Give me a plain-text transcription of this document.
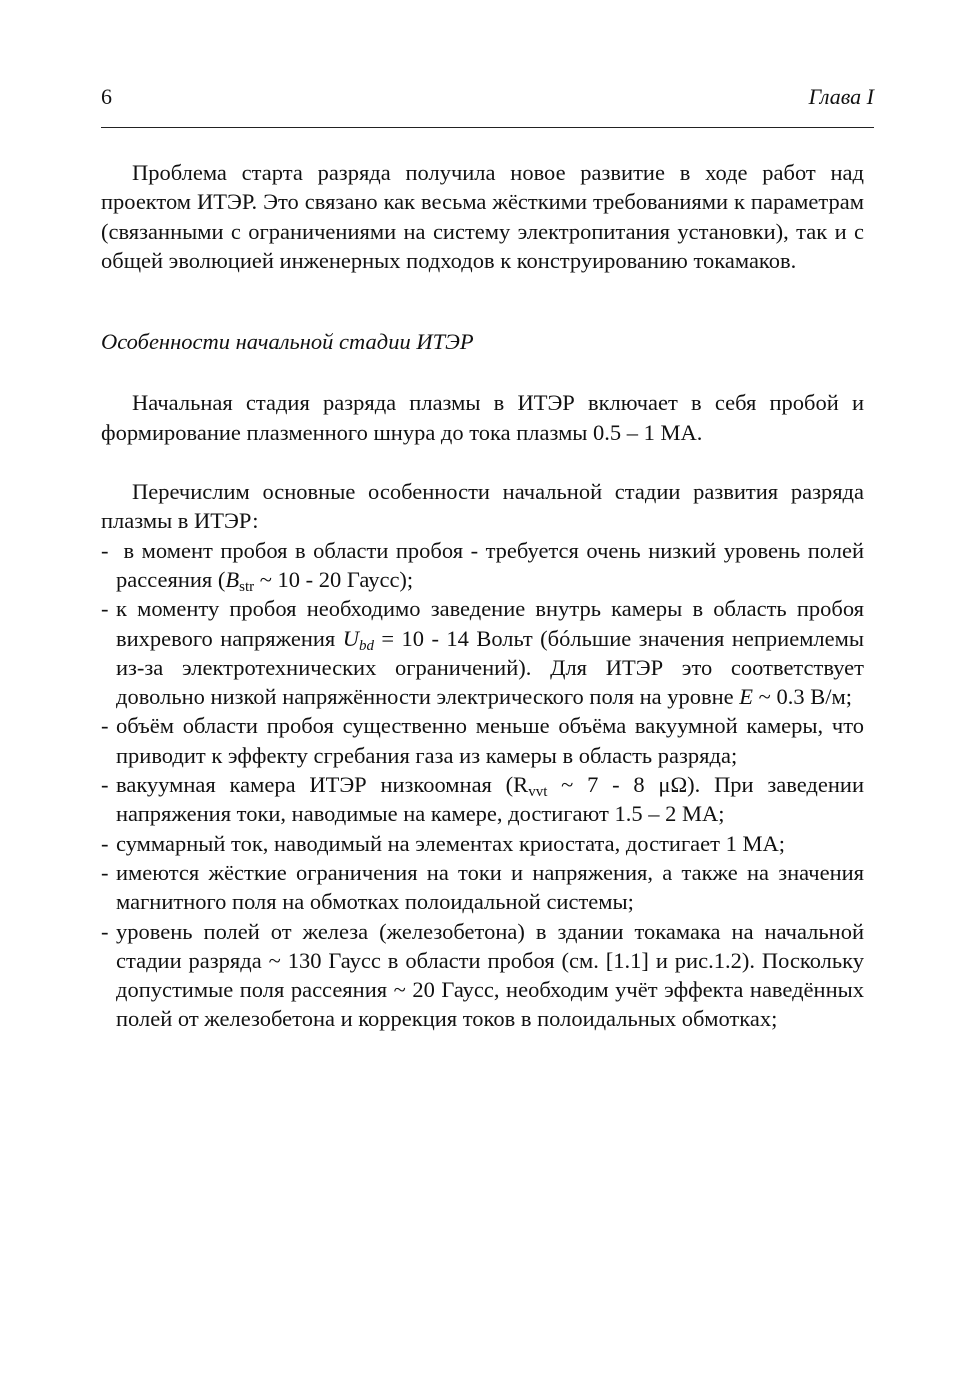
6	Глава I

Проблема старта разряда получила новое развитие в ходе работ над проектом ИТЭР. Это связано как весьма жёсткими требованиями к параметрам (связанными с ограничениями на систему электропитания установки), так и с общей эволюцией инженерных подходов к конструированию токамаков.

Особенности начальной стадии ИТЭР

Начальная стадия разряда плазмы в ИТЭР включает в себя пробой и формирование плазменного шнура до тока плазмы 0.5 – 1 МА.

Перечислим основные особенности начальной стадии развития разряда плазмы в ИТЭР:

- в момент пробоя в области пробоя - требуется очень низкий уровень полей рассеяния ($B_{str}$ ~ 10 - 20 Гаусс);
- к моменту пробоя необходимо заведение внутрь камеры в область пробоя вихревого напряжения $U_{bd} = 10 - 14$ Вольт (бóльшие значения неприемлемы из-за электротехнических ограничений). Для ИТЭР это соответствует довольно низкой напряжённости электрического поля на уровне E ~ 0.3 В/м;
- объём области пробоя существенно меньше объёма вакуумной камеры, что приводит к эффекту сгребания газа из камеры в область разряда;
- вакуумная камера ИТЭР низкоомная ($R_{vvt}$ ~ 7 - 8 μΩ). При заведении напряжения токи, наводимые на камере, достигают 1.5 – 2 МА;
- суммарный ток, наводимый на элементах криостата, достигает 1 МА;
- имеются жёсткие ограничения на токи и напряжения, а также на значения магнитного поля на обмотках полоидальной системы;
- уровень полей от железа (железобетона) в здании токамака на начальной стадии разряда ~ 130 Гаусс в области пробоя (см. [1.1] и рис.1.2). Поскольку допустимые поля рассеяния ~ 20 Гаусс, необходим учёт эффекта наведённых полей от железобетона и коррекция токов в полоидальных обмотках;
